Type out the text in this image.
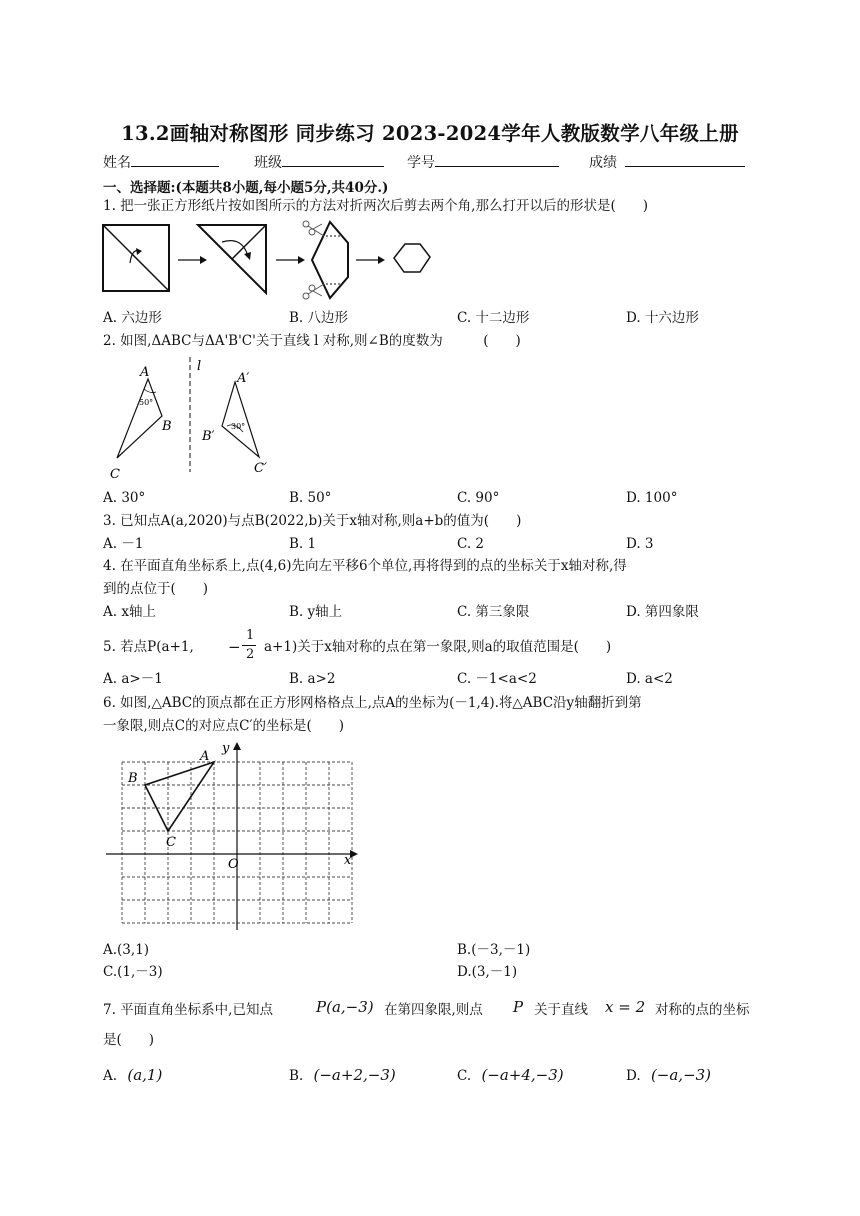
13.2画轴对称图形 同步练习 2023-2024学年人教版数学八年级上册
姓名	班级	学号	成绩
一、选择题:(本题共8小题,每小题5分,共40分.)
1. 把一张正方形纸片按如图所示的方法对折两次后剪去两个角,那么打开以后的形状是(　　)
A. 六边形	B. 八边形	C. 十二边形	D. 十六边形
2. 如图,ΔABC与ΔA'B'C'关于直线 l 对称,则∠B的度数为　　　(　　)
50°
A
B
C
l
30°
A′
B′
C′
A. 30°	B. 50°	C. 90°	D. 100°
3. 已知点A(a,2020)与点B(2022,b)关于x轴对称,则a+b的值为(　　)
A. －1	B. 1	C. 2	D. 3
4. 在平面直角坐标系上,点(4,6)先向左平移6个单位,再将得到的点的坐标关于x轴对称,得
到的点位于(　　)
A. x轴上	B. y轴上	C. 第三象限	D. 第四象限
5. 若点P(a+1, −
1
2 a+1)关于x轴对称的点在第一象限,则a的取值范围是(　　)
A. a>－1	B. a>2	C. －1<a<2	D. a<2
6. 如图,△ABC的顶点都在正方形网格格点上,点A的坐标为(－1,4).将△ABC沿y轴翻折到第
一象限,则点C的对应点C′的坐标是(　　)
A
B
C
O	x
y
A.(3,1)	B.(－3,－1)
C.(1,－3)	D.(3,－1)
7. 平面直角坐标系中,已知点	P(a,−3) 在第四象限,则点 P 关于直线 x = 2 对称的点的坐标
是(　　)
A. (a,1)	B. (−a+2,−3)	C. (−a+4,−3)	D. (−a,−3)
